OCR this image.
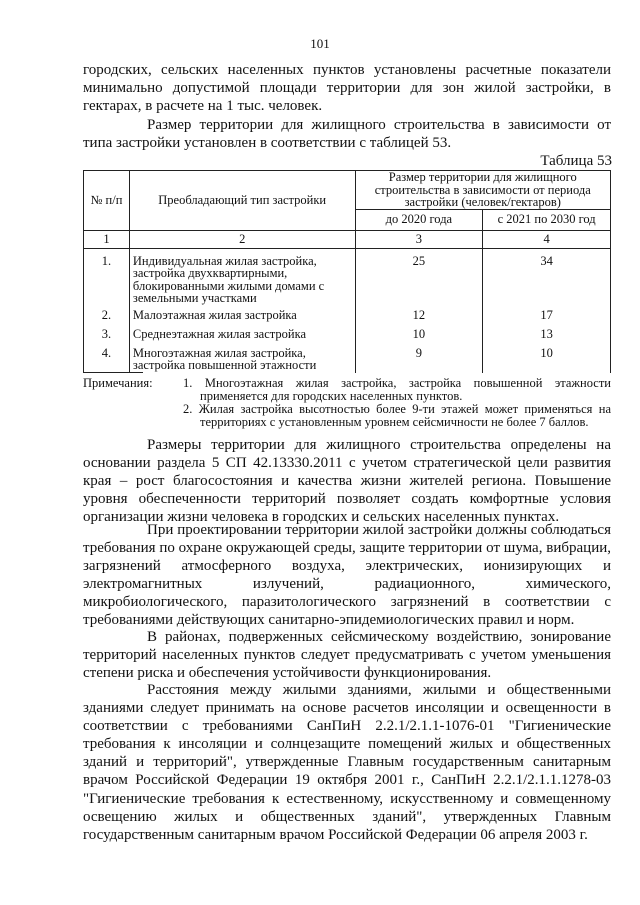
101

городских, сельских населенных пунктов установлены расчетные показатели минимально допустимой площади территории для зон жилой застройки, в гектарах, в расчете на 1 тыс. человек.

Размер территории для жилищного строительства в зависимости от типа застройки установлен в соответствии с таблицей 53.

Таблица 53
№ п/п	Преобладающий тип застройки	Размер территории для жилищного строительства в зависимости от периода застройки (человек/гектаров)	
		до 2020 года	с 2021 по 2030 год
1	2	3	4
1.	Индивидуальная жилая застройка, застройка двухквартирными, блокированными жилыми домами с земельными участками	25	34
2.	Малоэтажная жилая застройка	12	17
3.	Среднеэтажная жилая застройка	10	13
4.	Многоэтажная жилая застройка, застройка повышенной этажности	9	10
Примечания: 1. Многоэтажная жилая застройка, застройка повышенной этажности применяется для городских населенных пунктов.

2. Жилая застройка высотностью более 9-ти этажей может применяться на территориях с установленным уровнем сейсмичности не более 7 баллов.

Размеры территории для жилищного строительства определены на основании раздела 5 СП 42.13330.2011 с учетом стратегической цели развития края – рост благосостояния и качества жизни жителей региона. Повышение уровня обеспеченности территорий позволяет создать комфортные условия организации жизни человека в городских и сельских населенных пунктах.

При проектировании территории жилой застройки должны соблюдаться требования по охране окружающей среды, защите территории от шума, вибрации, загрязнений атмосферного воздуха, электрических, ионизирующих и электромагнитных излучений, радиационного, химического, микробиологического, паразитологического загрязнений в соответствии с требованиями действующих санитарно-эпидемиологических правил и норм.

В районах, подверженных сейсмическому воздействию, зонирование территорий населенных пунктов следует предусматривать с учетом уменьшения степени риска и обеспечения устойчивости функционирования.

Расстояния между жилыми зданиями, жилыми и общественными зданиями следует принимать на основе расчетов инсоляции и освещенности в соответствии с требованиями СанПиН 2.2.1/2.1.1-1076-01 "Гигиенические требования к инсоляции и солнцезащите помещений жилых и общественных зданий и территорий", утвержденные Главным государственным санитарным врачом Российской Федерации 19 октября 2001 г., СанПиН 2.2.1/2.1.1.1278-03 "Гигиенические требования к естественному, искусственному и совмещенному освещению жилых и общественных зданий", утвержденных Главным государственным санитарным врачом Российской Федерации 06 апреля 2003 г.
